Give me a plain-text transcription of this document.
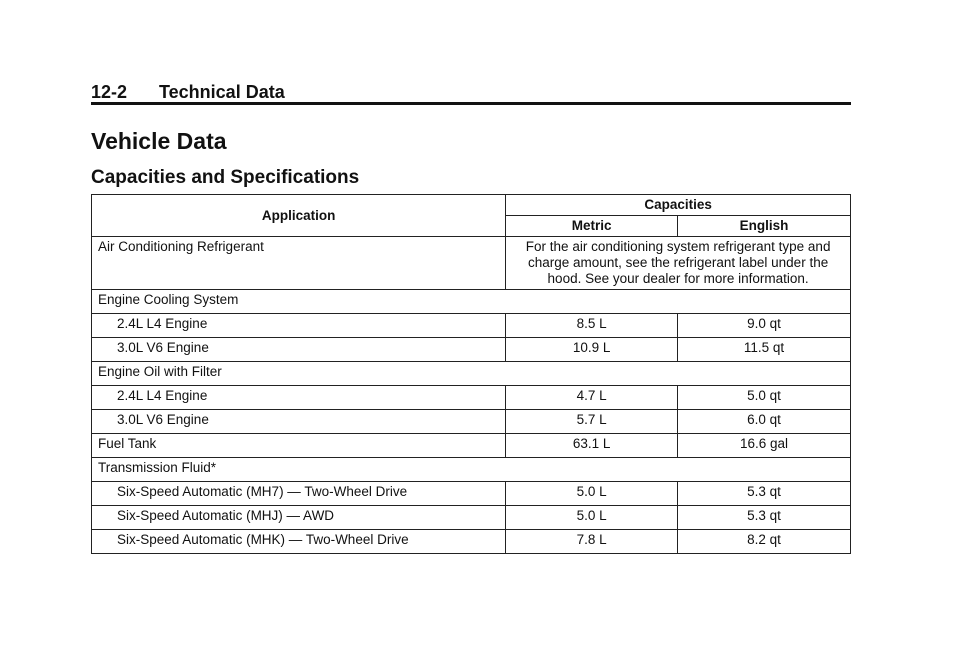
12-2 Technical Data
Vehicle Data
Capacities and Specifications
Application	Capacities	
	Metric	English
Air Conditioning Refrigerant	For the air conditioning system refrigerant type and charge amount, see the refrigerant label under the hood. See your dealer for more information.	
Engine Cooling System		
2.4L L4 Engine	8.5 L	9.0 qt
3.0L V6 Engine	10.9 L	11.5 qt
Engine Oil with Filter		
2.4L L4 Engine	4.7 L	5.0 qt
3.0L V6 Engine	5.7 L	6.0 qt
Fuel Tank	63.1 L	16.6 gal
Transmission Fluid*		
Six-Speed Automatic (MH7) — Two-Wheel Drive	5.0 L	5.3 qt
Six-Speed Automatic (MHJ) — AWD	5.0 L	5.3 qt
Six-Speed Automatic (MHK) — Two-Wheel Drive	7.8 L	8.2 qt
